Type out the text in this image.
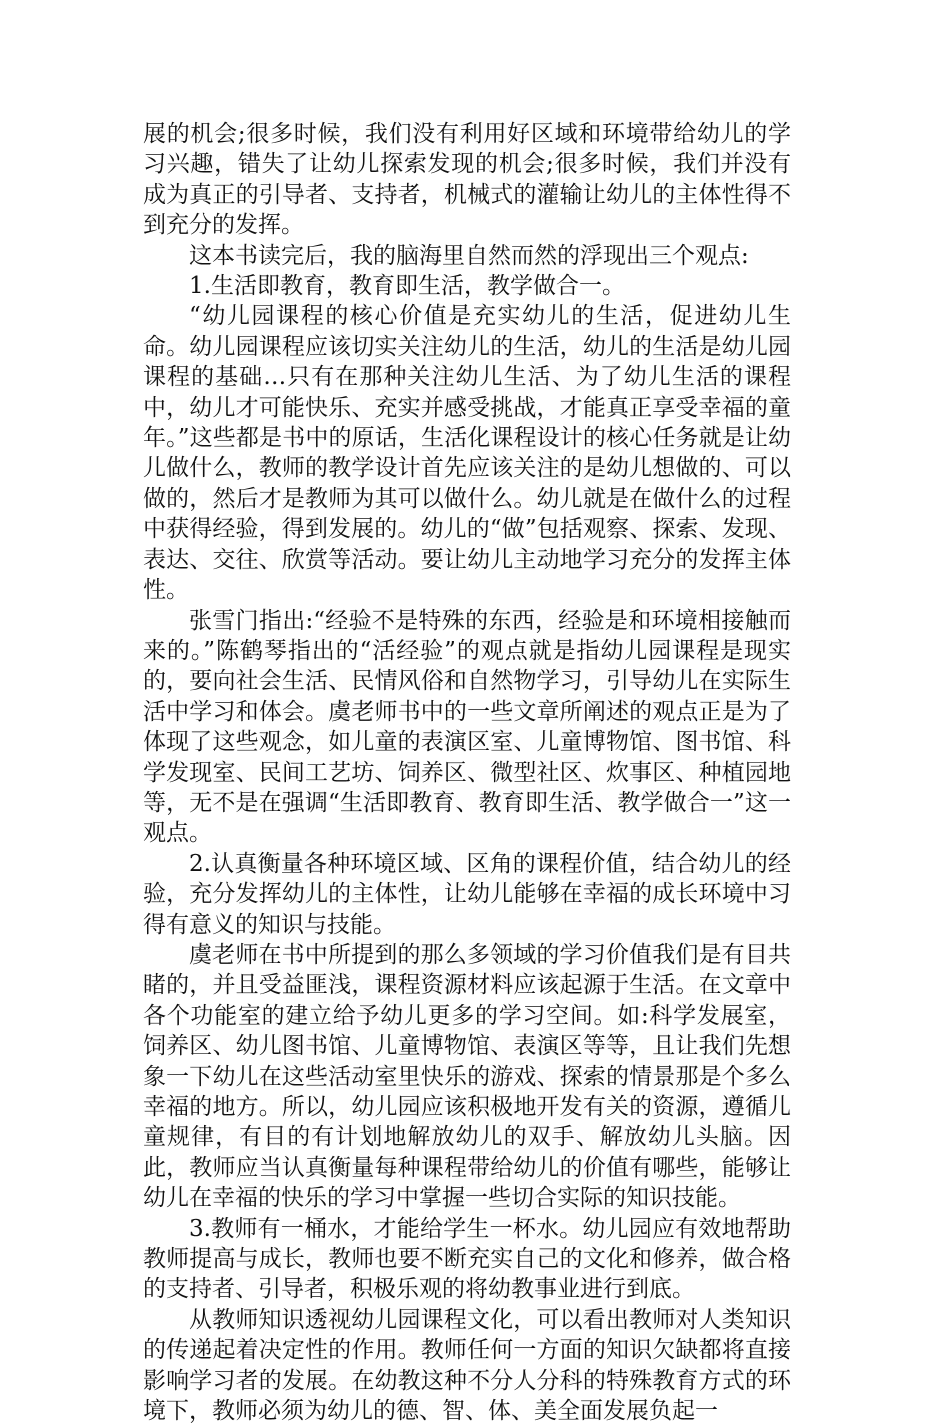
展的机会;很多时候，我们没有利用好区域和环境带给幼儿的学习兴趣，错失了让幼儿探索发现的机会;很多时候，我们并没有成为真正的引导者、支持者，机械式的灌输让幼儿的主体性得不到充分的发挥。

这本书读完后，我的脑海里自然而然的浮现出三个观点:

1.生活即教育，教育即生活，教学做合一。

“幼儿园课程的核心价值是充实幼儿的生活，促进幼儿生命。幼儿园课程应该切实关注幼儿的生活，幼儿的生活是幼儿园课程的基础…只有在那种关注幼儿生活、为了幼儿生活的课程中，幼儿才可能快乐、充实并感受挑战，才能真正享受幸福的童年。”这些都是书中的原话，生活化课程设计的核心任务就是让幼儿做什么，教师的教学设计首先应该关注的是幼儿想做的、可以做的，然后才是教师为其可以做什么。幼儿就是在做什么的过程中获得经验，得到发展的。幼儿的“做”包括观察、探索、发现、表达、交往、欣赏等活动。要让幼儿主动地学习充分的发挥主体性。

张雪门指出:“经验不是特殊的东西，经验是和环境相接触而来的。”陈鹤琴指出的“活经验”的观点就是指幼儿园课程是现实的，要向社会生活、民情风俗和自然物学习，引导幼儿在实际生活中学习和体会。虞老师书中的一些文章所阐述的观点正是为了体现了这些观念，如儿童的表演区室、儿童博物馆、图书馆、科学发现室、民间工艺坊、饲养区、微型社区、炊事区、种植园地等，无不是在强调“生活即教育、教育即生活、教学做合一”这一观点。

2.认真衡量各种环境区域、区角的课程价值，结合幼儿的经验，充分发挥幼儿的主体性，让幼儿能够在幸福的成长环境中习得有意义的知识与技能。

虞老师在书中所提到的那么多领域的学习价值我们是有目共睹的，并且受益匪浅，课程资源材料应该起源于生活。在文章中各个功能室的建立给予幼儿更多的学习空间。如:科学发展室，饲养区、幼儿图书馆、儿童博物馆、表演区等等，且让我们先想象一下幼儿在这些活动室里快乐的游戏、探索的情景那是个多么幸福的地方。所以，幼儿园应该积极地开发有关的资源，遵循儿童规律，有目的有计划地解放幼儿的双手、解放幼儿头脑。因此，教师应当认真衡量每种课程带给幼儿的价值有哪些，能够让幼儿在幸福的快乐的学习中掌握一些切合实际的知识技能。

3.教师有一桶水，才能给学生一杯水。幼儿园应有效地帮助教师提高与成长，教师也要不断充实自己的文化和修养，做合格的支持者、引导者，积极乐观的将幼教事业进行到底。

从教师知识透视幼儿园课程文化，可以看出教师对人类知识的传递起着决定性的作用。教师任何一方面的知识欠缺都将直接影响学习者的发展。在幼教这种不分人分科的特殊教育方式的环境下，教师必须为幼儿的德、智、体、美全面发展负起一
